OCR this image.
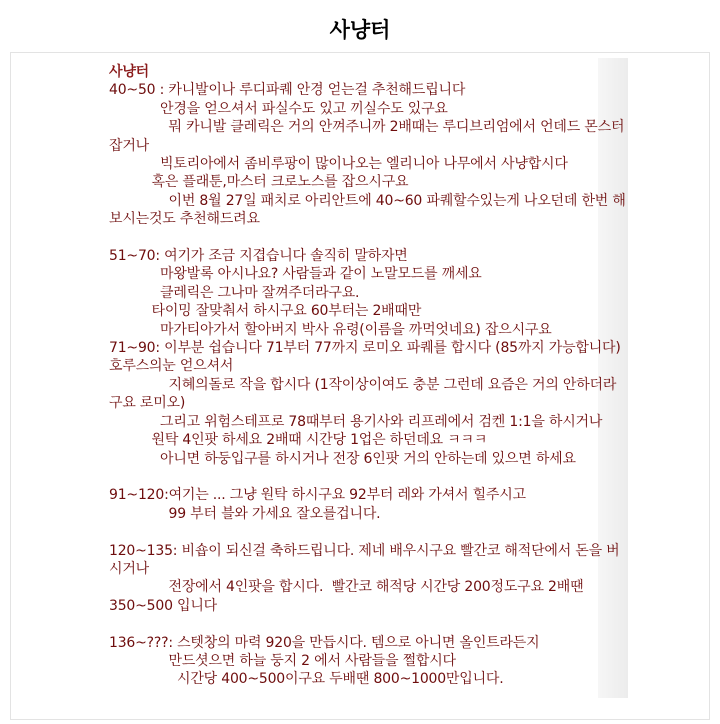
사냥터
사냥터
40~50 : 카니발이나 루디파퀘 안경 얻는걸 추천해드립니다
안경을 얻으셔서 파실수도 있고 끼실수도 있구요
뭐 카니발 클레릭은 거의 안껴주니까 2배때는 루디브리엄에서 언데드 몬스터 잡거나
빅토리아에서 좀비루팡이 많이나오는 엘리니아 나무에서 사냥합시다
혹은 플래툰,마스터 크로노스를 잡으시구요
이번 8월 27일 패치로 아리안트에 40~60 파퀘할수있는게 나오던데 한번 해보시는것도 추천해드려요
51~70: 여기가 조금 지겹습니다 솔직히 말하자면
마왕발록 아시나요? 사람들과 같이 노말모드를 깨세요
클레릭은 그나마 잘껴주더라구요.
타이밍 잘맞춰서 하시구요 60부터는 2배때만
마가티아가서 할아버지 박사 유령(이름을 까먹엇네요) 잡으시구요
71~90: 이부분 쉽습니다 71부터 77까지 로미오 파퀘를 합시다 (85까지 가능합니다) 호루스의눈 얻으셔서
지혜의돌로 작을 합시다 (1작이상이여도 충분 그런데 요즘은 거의 안하더라구요 로미오)
그리고 위험스테프로 78때부터 용기사와 리프레에서 검켄 1:1을 하시거나
원탁 4인팟 하세요 2배때 시간당 1업은 하던데요 ㅋㅋㅋ
아니면 하둥입구를 하시거나 전장 6인팟 거의 안하는데 있으면 하세요
91~120:여기는 ... 그냥 원탁 하시구요 92부터 레와 가셔서 힐주시고
99 부터 블와 가세요 잘오를겁니다.
120~135: 비숍이 되신걸 축하드립니다. 제네 배우시구요 빨간코 해적단에서 돈을 버시거나
전장에서 4인팟을 합시다.  빨간코 해적당 시간당 200정도구요 2배땐350~500 입니다
136~???: 스텟창의 마력 920을 만듭시다. 템으로 아니면 올인트라든지
만드셧으면 하늘 둥지 2 에서 사람들을 쩔합시다
시간당 400~500이구요 두배땐 800~1000만입니다.
